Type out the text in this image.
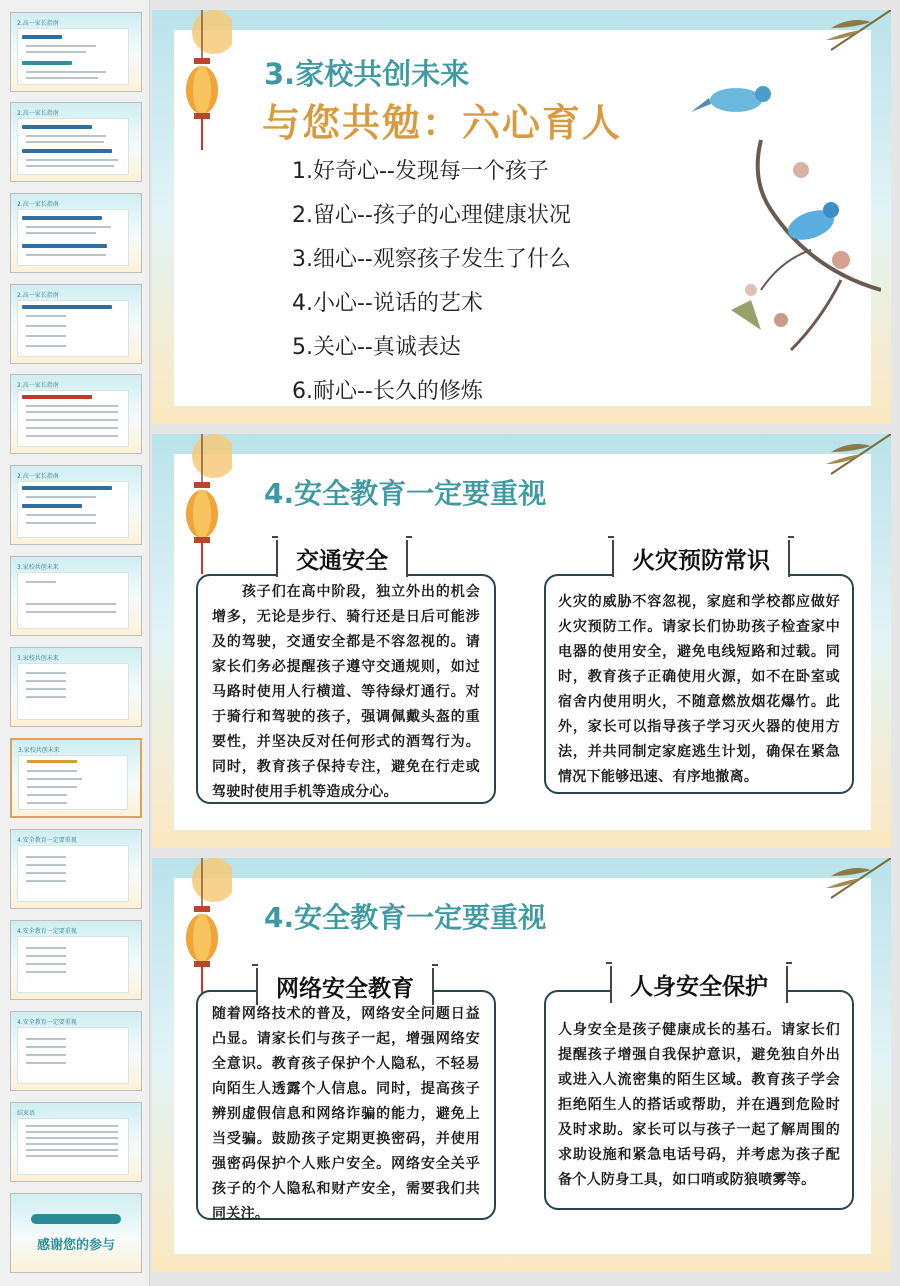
2.高一家长指南
2.高一家长指南
2.高一家长指南
2.高一家长指南
2.高一家长指南
2.高一家长指南
3.家校共创未来
3.家校共创未来
3.家校共创未来
4.安全教育一定要重视
4.安全教育一定要重视
4.安全教育一定要重视
结束语
感谢您的参与
3.家校共创未来
与您共勉：六心育人
1.好奇心--发现每一个孩子
2.留心--孩子的心理健康状况
3.细心--观察孩子发生了什么
4.小心--说话的艺术
5.关心--真诚表达
6.耐心--长久的修炼
4.安全教育一定要重视
　　孩子们在高中阶段，独立外出的机会增多，无论是步行、骑行还是日后可能涉及的驾驶，交通安全都是不容忽视的。请家长们务必提醒孩子遵守交通规则，如过马路时使用人行横道、等待绿灯通行。对于骑行和驾驶的孩子，强调佩戴头盔的重要性，并坚决反对任何形式的酒驾行为。同时，教育孩子保持专注，避免在行走或驾驶时使用手机等造成分心。
交通安全
火灾的威胁不容忽视，家庭和学校都应做好火灾预防工作。请家长们协助孩子检查家中电器的使用安全，避免电线短路和过载。同时，教育孩子正确使用火源，如不在卧室或宿舍内使用明火，不随意燃放烟花爆竹。此外，家长可以指导孩子学习灭火器的使用方法，并共同制定家庭逃生计划，确保在紧急情况下能够迅速、有序地撤离。
火灾预防常识
4.安全教育一定要重视
随着网络技术的普及，网络安全问题日益凸显。请家长们与孩子一起，增强网络安全意识。教育孩子保护个人隐私，不轻易向陌生人透露个人信息。同时，提高孩子辨别虚假信息和网络诈骗的能力，避免上当受骗。鼓励孩子定期更换密码，并使用强密码保护个人账户安全。网络安全关乎孩子的个人隐私和财产安全，需要我们共同关注。
网络安全教育
人身安全是孩子健康成长的基石。请家长们提醒孩子增强自我保护意识，避免独自外出或进入人流密集的陌生区域。教育孩子学会拒绝陌生人的搭话或帮助，并在遇到危险时及时求助。家长可以与孩子一起了解周围的求助设施和紧急电话号码，并考虑为孩子配备个人防身工具，如口哨或防狼喷雾等。
人身安全保护
